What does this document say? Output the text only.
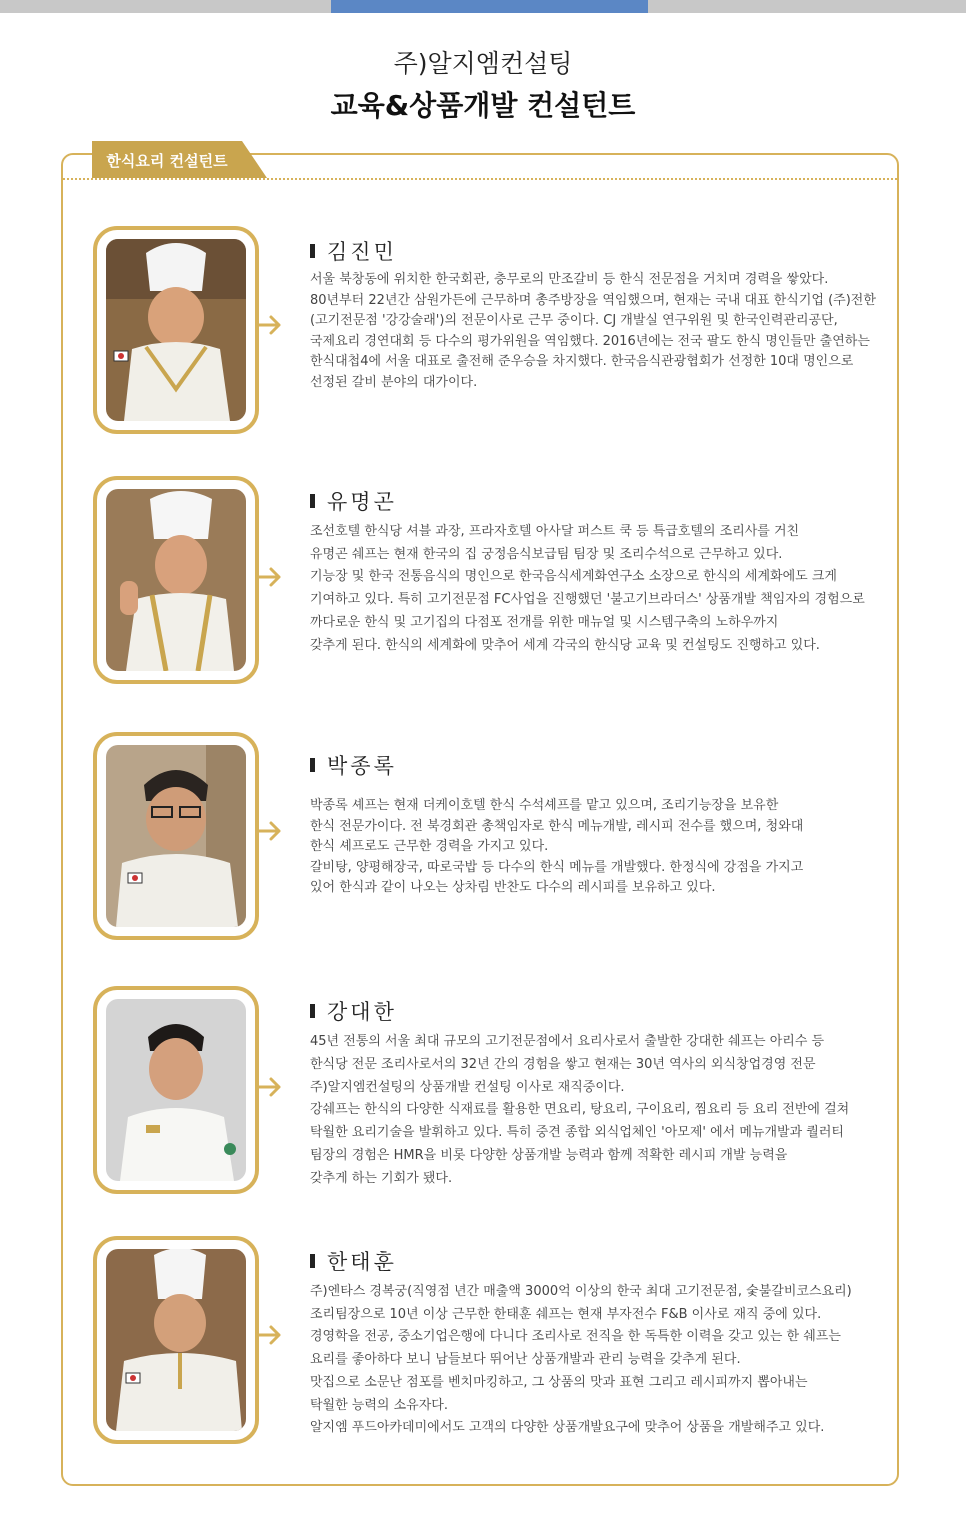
주)알지엠컨설팅
교육&상품개발 컨설턴트
한식요리 컨설턴트
김진민
서울 북창동에 위치한 한국회관, 충무로의 만조갈비 등 한식 전문점을 거치며 경력을 쌓았다.
80년부터 22년간 삼원가든에 근무하며 총주방장을 역임했으며, 현재는 국내 대표 한식기업 (주)전한
(고기전문점 '강강술래')의 전문이사로 근무 중이다. CJ 개발실 연구위원 및 한국인력관리공단,
국제요리 경연대회 등 다수의 평가위원을 역임했다. 2016년에는 전국 팔도 한식 명인들만 출연하는
한식대첩4에 서울 대표로 출전해 준우승을 차지했다. 한국음식관광협회가 선정한 10대 명인으로
선정된 갈비 분야의 대가이다.
유명곤
조선호텔 한식당 셔블 과장, 프라자호텔 아사달 퍼스트 쿡 등 특급호텔의 조리사를 거친
유명곤 쉐프는 현재 한국의 집 궁정음식보급팀 팀장 및 조리수석으로 근무하고 있다.
기능장 및 한국 전통음식의 명인으로 한국음식세계화연구소 소장으로 한식의 세계화에도 크게
기여하고 있다. 특히 고기전문점 FC사업을 진행했던 '불고기브라더스' 상품개발 책임자의 경험으로
까다로운 한식 및 고기집의 다점포 전개를 위한 매뉴얼 및 시스템구축의 노하우까지
갖추게 된다. 한식의 세계화에 맞추어 세계 각국의 한식당 교육 및 컨설팅도 진행하고 있다.
박종록
박종록 셰프는 현재 더케이호텔 한식 수석셰프를 맡고 있으며, 조리기능장을 보유한
한식 전문가이다. 전 북경회관 총책임자로 한식 메뉴개발, 레시피 전수를 했으며, 청와대
한식 셰프로도 근무한 경력을 가지고 있다.
갈비탕, 양평해장국, 따로국밥 등 다수의 한식 메뉴를 개발했다. 한정식에 강점을 가지고
있어 한식과 같이 나오는 상차림 반찬도 다수의 레시피를 보유하고 있다.
강대한
45년 전통의 서울 최대 규모의 고기전문점에서 요리사로서 출발한 강대한 쉐프는 아리수 등
한식당 전문 조리사로서의 32년 간의 경험을 쌓고 현재는 30년 역사의 외식창업경영 전문
주)알지엠컨설팅의 상품개발 컨설팅 이사로 재직중이다.
강쉐프는 한식의 다양한 식재료를 활용한 면요리, 탕요리, 구이요리, 찜요리 등 요리 전반에 걸쳐
탁월한 요리기술을 발휘하고 있다. 특히 중견 종합 외식업체인 '아모제' 에서 메뉴개발과 퀄러티
팀장의 경험은 HMR을 비롯 다양한 상품개발 능력과 함께 적확한 레시피 개발 능력을
갖추게 하는 기회가 됐다.
한태훈
주)엔타스 경복궁(직영점 년간 매출액 3000억 이상의 한국 최대 고기전문점, 숯불갈비코스요리)
조리팀장으로 10년 이상 근무한 한태훈 쉐프는 현재 부자전수 F&B 이사로 재직 중에 있다.
경영학을 전공, 중소기업은행에 다니다 조리사로 전직을 한 독특한 이력을 갖고 있는 한 쉐프는
요리를 좋아하다 보니 남들보다 뛰어난 상품개발과 관리 능력을 갖추게 된다.
맛집으로 소문난 점포를 벤치마킹하고, 그 상품의 맛과 표현 그리고 레시피까지 뽑아내는
탁월한 능력의 소유자다.
알지엠 푸드아카데미에서도 고객의 다양한 상품개발요구에 맞추어 상품을 개발해주고 있다.
